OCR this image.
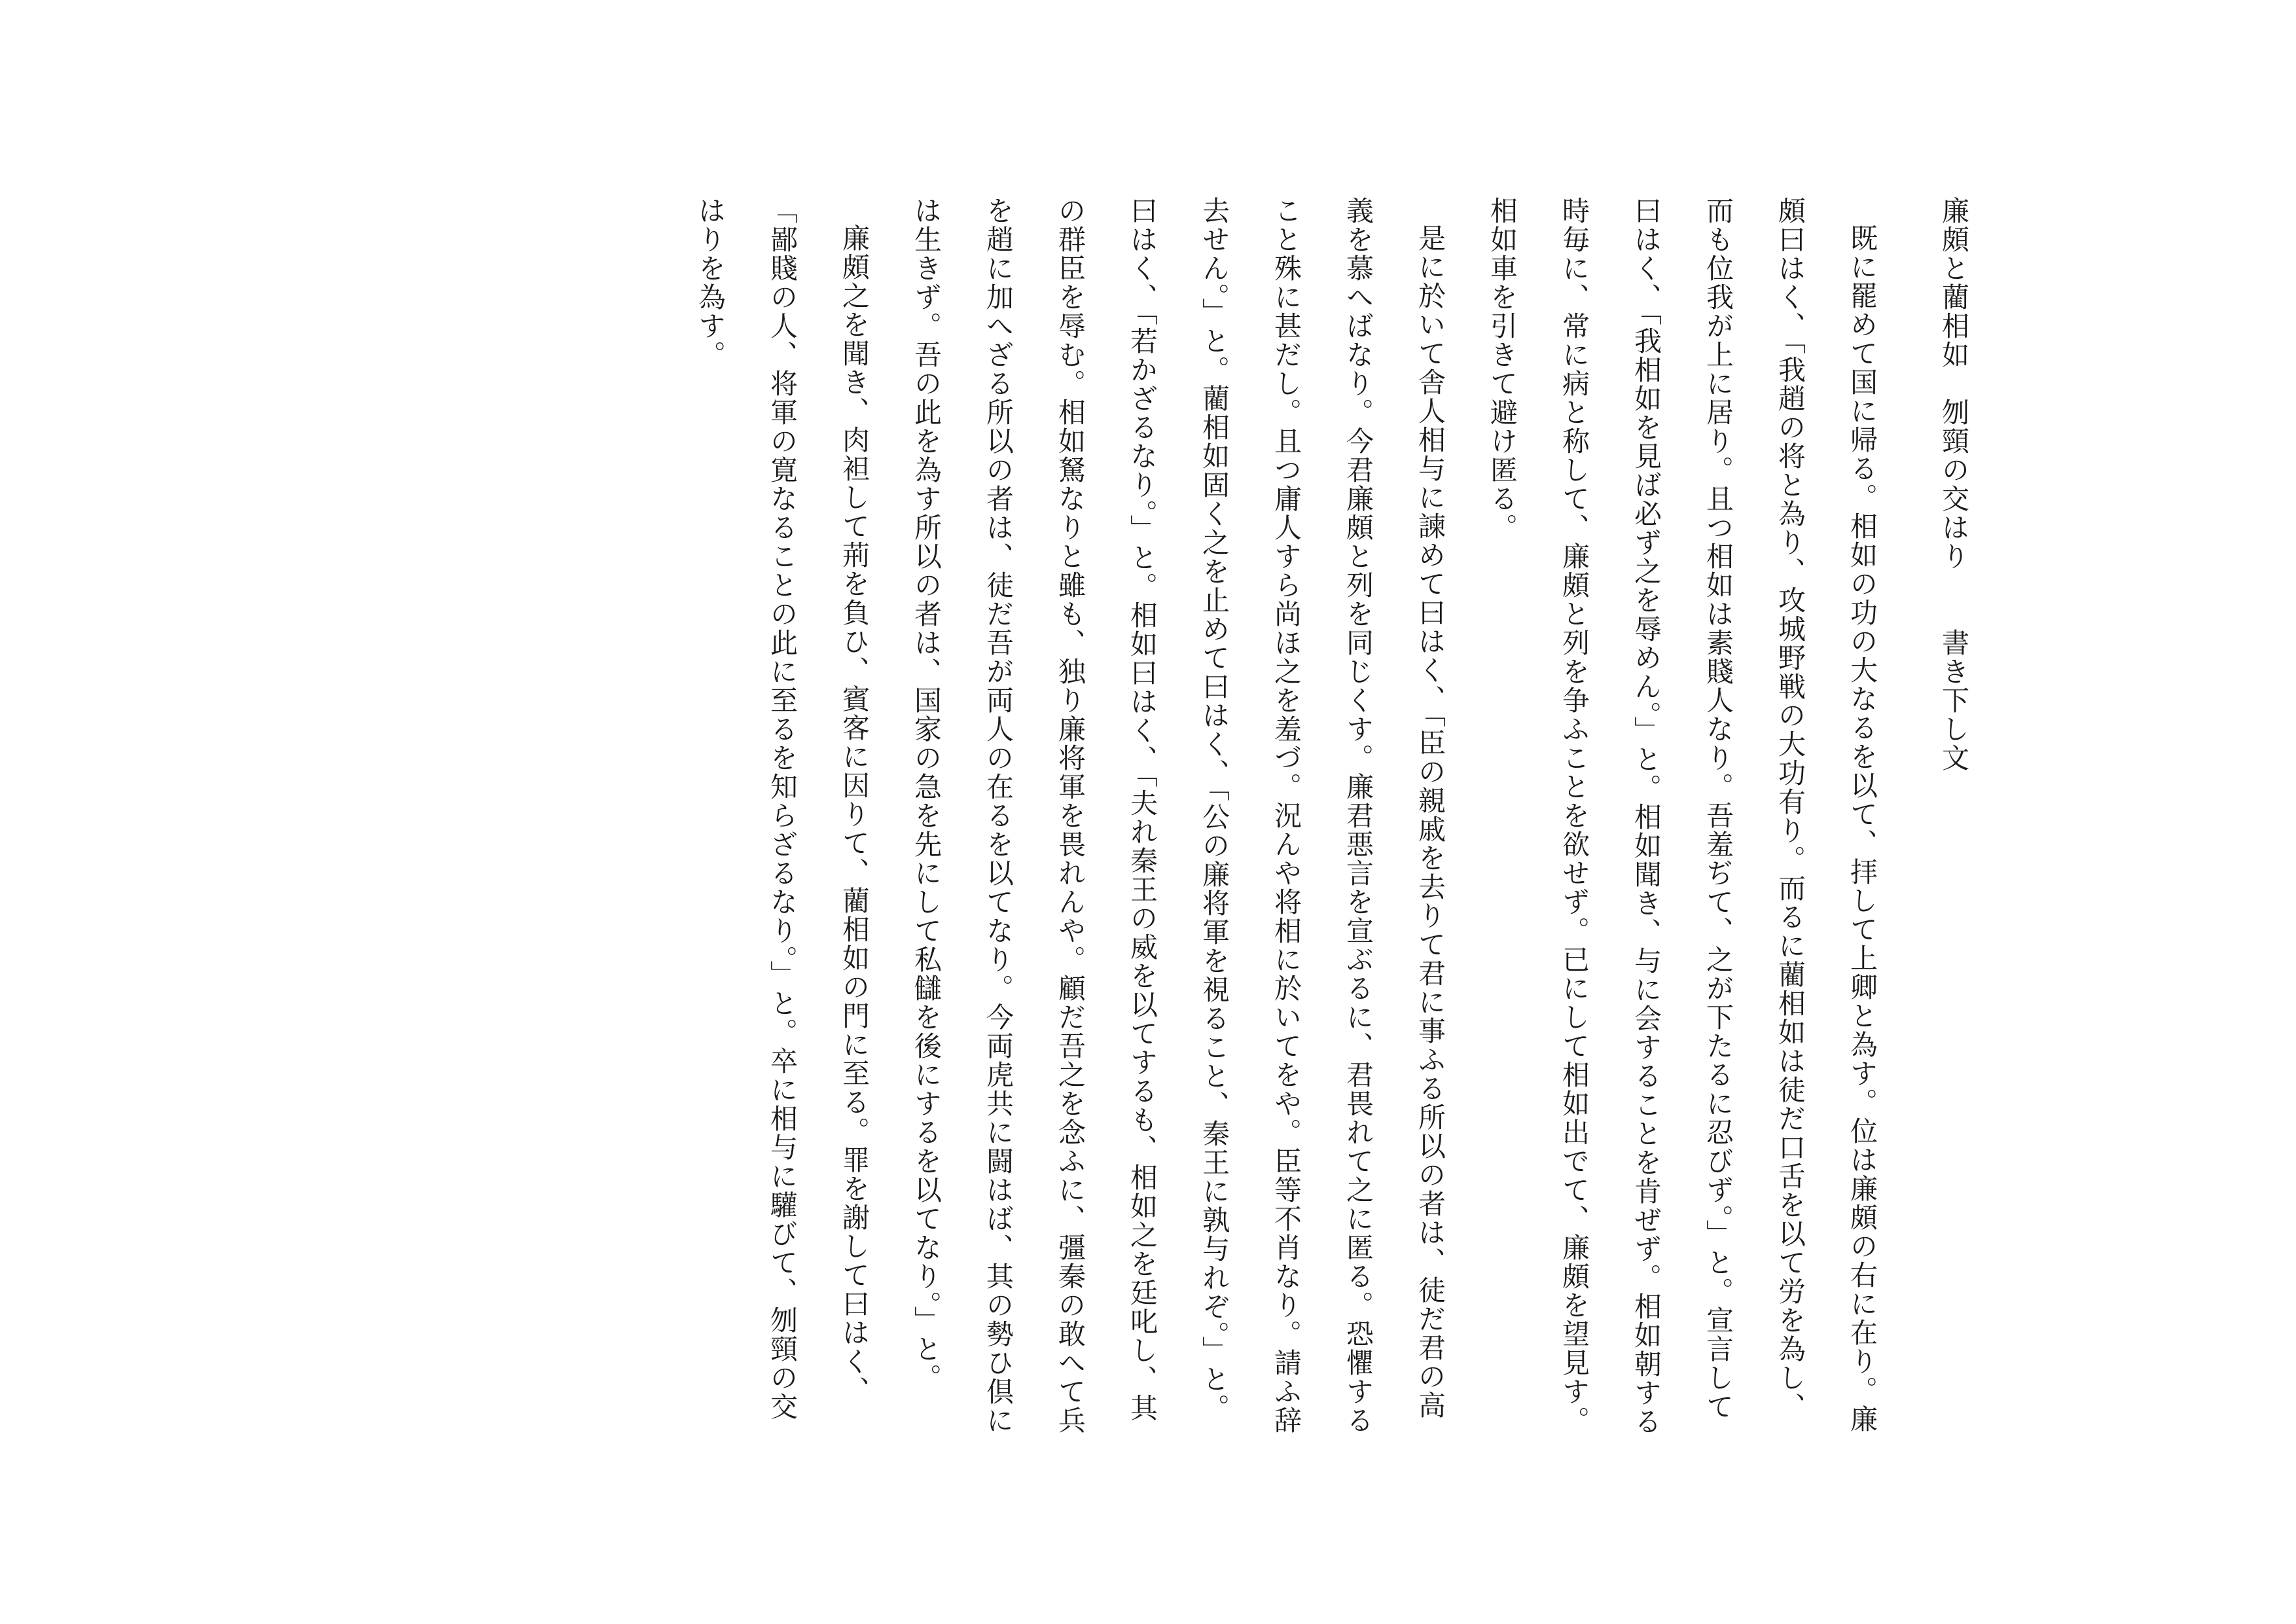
廉頗と藺相如　刎頸の交はり　　書き下し文

既に罷めて国に帰る。相如の功の大なるを以て、拝して上卿と為す。位は廉頗の右に在り。廉頗曰はく、「我趙の将と為り、攻城野戦の大功有り。而るに藺相如は徒だ口舌を以て労を為し、而も位我が上に居り。且つ相如は素賤人なり。吾羞ぢて、之が下たるに忍びず。」と。宣言して曰はく、「我相如を見ば必ず之を辱めん。」と。相如聞き、与に会することを肯ぜず。相如朝する時毎に、常に病と称して、廉頗と列を争ふことを欲せず。已にして相如出でて、廉頗を望見す。相如車を引きて避け匿る。

是に於いて舎人相与に諫めて曰はく、「臣の親戚を去りて君に事ふる所以の者は、徒だ君の高義を慕へばなり。今君廉頗と列を同じくす。廉君悪言を宣ぶるに、君畏れて之に匿る。恐懼すること殊に甚だし。且つ庸人すら尚ほ之を羞づ。況んや将相に於いてをや。臣等不肖なり。請ふ辞去せん。」と。藺相如固く之を止めて曰はく、「公の廉将軍を視ること、秦王に孰与れぞ。」と。曰はく、「若かざるなり。」と。相如曰はく、「夫れ秦王の威を以てするも、相如之を廷叱し、其の群臣を辱む。相如駑なりと雖も、独り廉将軍を畏れんや。顧だ吾之を念ふに、彊秦の敢へて兵を趙に加へざる所以の者は、徒だ吾が両人の在るを以てなり。今両虎共に闘はば、其の勢ひ倶には生きず。吾の此を為す所以の者は、国家の急を先にして私讎を後にするを以てなり。」と。

廉頗之を聞き、肉袒して荊を負ひ、賓客に因りて、藺相如の門に至る。罪を謝して曰はく、「鄙賤の人、将軍の寛なることの此に至るを知らざるなり。」と。卒に相与に驩びて、刎頸の交はりを為す。
